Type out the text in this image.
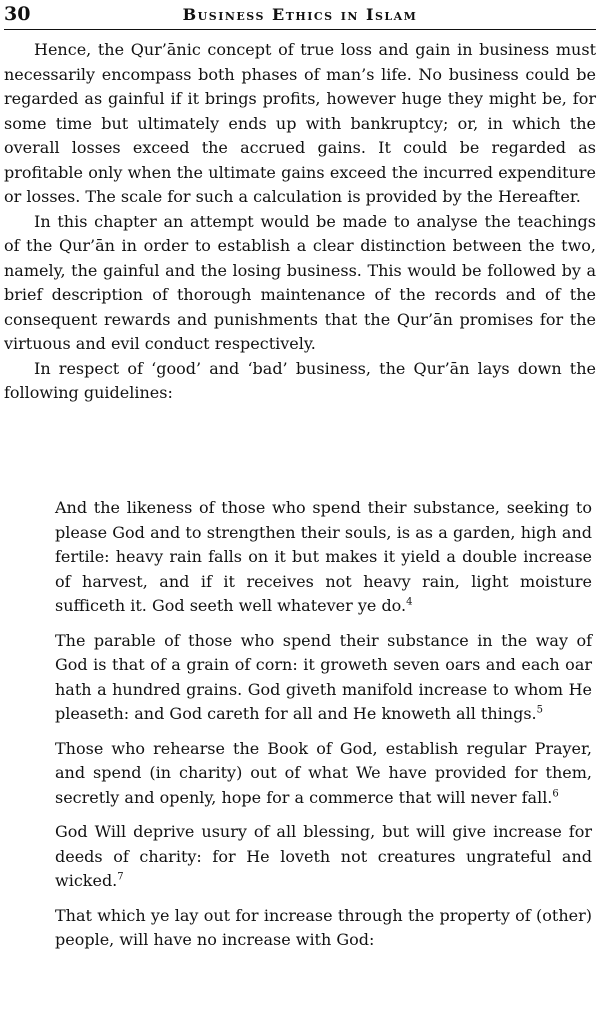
30	Business Ethics in Islam

Hence, the Qur’ānic concept of true loss and gain in business must necessarily encompass both phases of man’s life. No business could be regarded as gainful if it brings profits, however huge they might be, for some time but ultimately ends up with bankruptcy; or, in which the overall losses exceed the accrued gains. It could be regarded as profitable only when the ultimate gains exceed the incurred expenditure or losses. The scale for such a calculation is provided by the Hereafter.

In this chapter an attempt would be made to analyse the teachings of the Qur’ān in order to establish a clear distinction between the two, namely, the gainful and the losing business. This would be followed by a brief description of thorough maintenance of the records and of the consequent rewards and punishments that the Qur’ān promises for the virtuous and evil conduct respectively.

In respect of ‘good’ and ‘bad’ business, the Qur’ān lays down the following guidelines:

And the likeness of those who spend their substance, seeking to please God and to strengthen their souls, is as a garden, high and fertile: heavy rain falls on it but makes it yield a double increase of harvest, and if it receives not heavy rain, light moisture sufficeth it. God seeth well whatever ye do.$^4$

The parable of those who spend their substance in the way of God is that of a grain of corn: it groweth seven oars and each oar hath a hundred grains. God giveth manifold increase to whom He pleaseth: and God careth for all and He knoweth all things.$^5$

Those who rehearse the Book of God, establish regular Prayer, and spend (in charity) out of what We have provided for them, secretly and openly, hope for a commerce that will never fall.$^6$

God Will deprive usury of all blessing, but will give increase for deeds of charity: for He loveth not creatures ungrateful and wicked.$^7$

That which ye lay out for increase through the property of (other) people, will have no increase with God:
